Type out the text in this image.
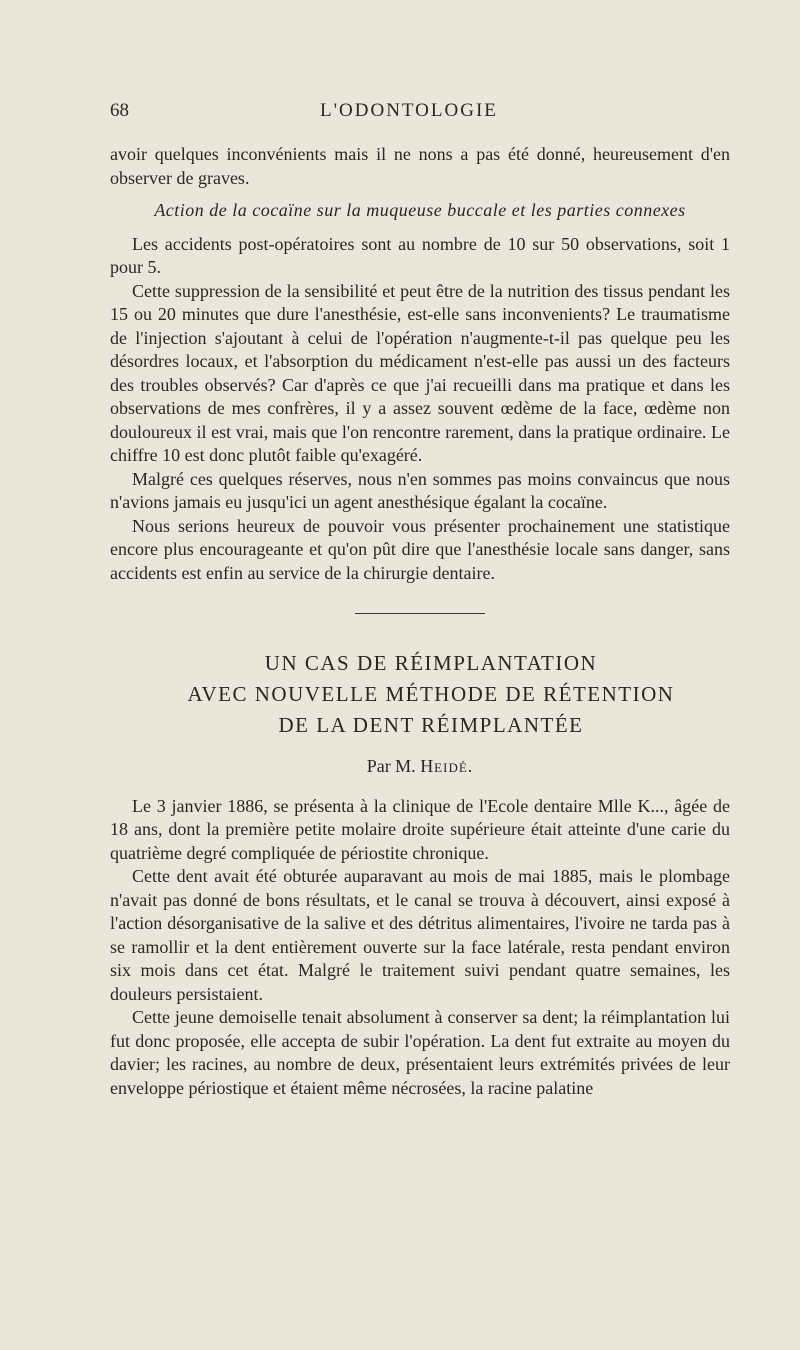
68	L'ODONTOLOGIE

avoir quelques inconvénients mais il ne nons a pas été donné, heureusement d'en observer de graves.

Action de la cocaïne sur la muqueuse buccale et les parties connexes

Les accidents post-opératoires sont au nombre de 10 sur 50 observations, soit 1 pour 5.

Cette suppression de la sensibilité et peut être de la nutrition des tissus pendant les 15 ou 20 minutes que dure l'anesthésie, est-elle sans inconvenients? Le traumatisme de l'injection s'ajoutant à celui de l'opération n'augmente-t-il pas quelque peu les désordres locaux, et l'absorption du médicament n'est-elle pas aussi un des facteurs des troubles observés? Car d'après ce que j'ai recueilli dans ma pratique et dans les observations de mes confrères, il y a assez souvent œdème de la face, œdème non douloureux il est vrai, mais que l'on rencontre rarement, dans la pratique ordinaire. Le chiffre 10 est donc plutôt faible qu'exagéré.

Malgré ces quelques réserves, nous n'en sommes pas moins convaincus que nous n'avions jamais eu jusqu'ici un agent anesthésique égalant la cocaïne.

Nous serions heureux de pouvoir vous présenter prochainement une statistique encore plus encourageante et qu'on pût dire que l'anesthésie locale sans danger, sans accidents est enfin au service de la chirurgie dentaire.

UN CAS DE RÉIMPLANTATION

AVEC NOUVELLE MÉTHODE DE RÉTENTION

DE LA DENT RÉIMPLANTÉE

Par M. Heidé.

Le 3 janvier 1886, se présenta à la clinique de l'Ecole dentaire Mlle K..., âgée de 18 ans, dont la première petite molaire droite supérieure était atteinte d'une carie du quatrième degré compliquée de périostite chronique.

Cette dent avait été obturée auparavant au mois de mai 1885, mais le plombage n'avait pas donné de bons résultats, et le canal se trouva à découvert, ainsi exposé à l'action désorganisative de la salive et des détritus alimentaires, l'ivoire ne tarda pas à se ramollir et la dent entièrement ouverte sur la face latérale, resta pendant environ six mois dans cet état. Malgré le traitement suivi pendant quatre semaines, les douleurs persistaient.

Cette jeune demoiselle tenait absolument à conserver sa dent; la réimplantation lui fut donc proposée, elle accepta de subir l'opération. La dent fut extraite au moyen du davier; les racines, au nombre de deux, présentaient leurs extrémités privées de leur enveloppe périostique et étaient même nécrosées, la racine palatine
